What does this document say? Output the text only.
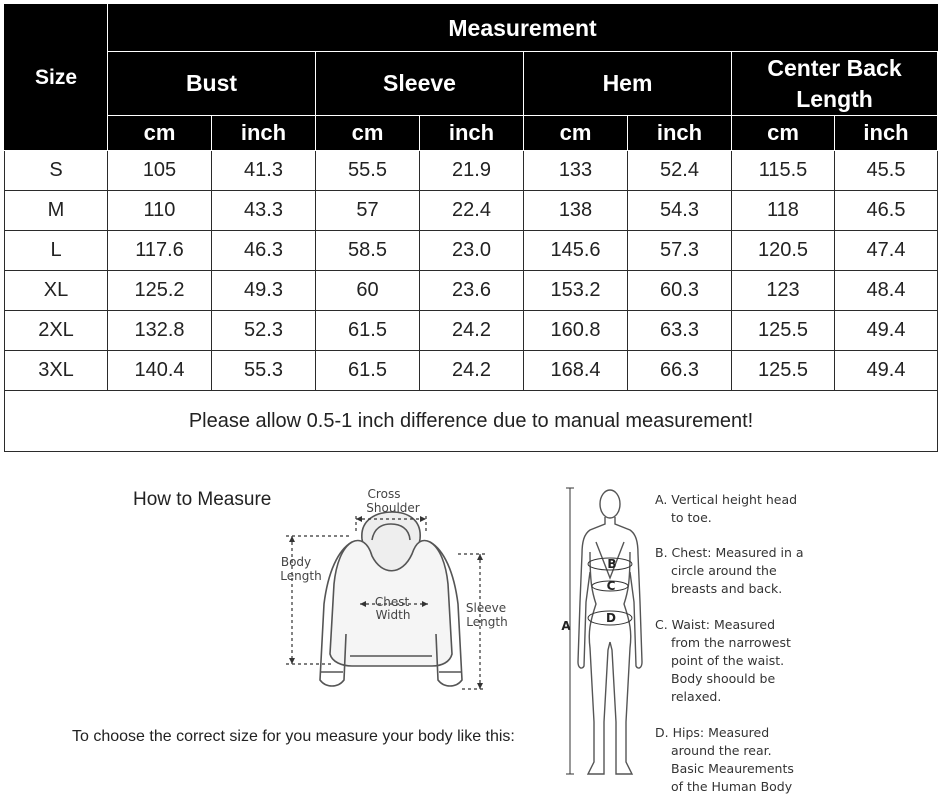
Size	Measurement							
	Bust		Sleeve		Hem		Center Back Length	
	cm	inch	cm	inch	cm	inch	cm	inch
S	105	41.3	55.5	21.9	133	52.4	115.5	45.5
M	110	43.3	57	22.4	138	54.3	118	46.5
L	117.6	46.3	58.5	23.0	145.6	57.3	120.5	47.4
XL	125.2	49.3	60	23.6	153.2	60.3	123	48.4
2XL	132.8	52.3	61.5	24.2	160.8	63.3	125.5	49.4
3XL	140.4	55.3	61.5	24.2	168.4	66.3	125.5	49.4
Please allow 0.5-1 inch difference due to manual measurement!								
How to Measure	Cross
Shoulder
Body
Length
Chest
Width	Sleeve
Length
To choose the correct size for you measure your body like this:
A
B
C
D
A. Vertical height head
to toe.
B. Chest: Measured in a
circle around the
breasts and back.
C. Waist: Measured
from the narrowest
point of the waist.
Body shoould be
relaxed.
D. Hips: Measured
around the rear.
Basic Meaurements
of the Human Body
